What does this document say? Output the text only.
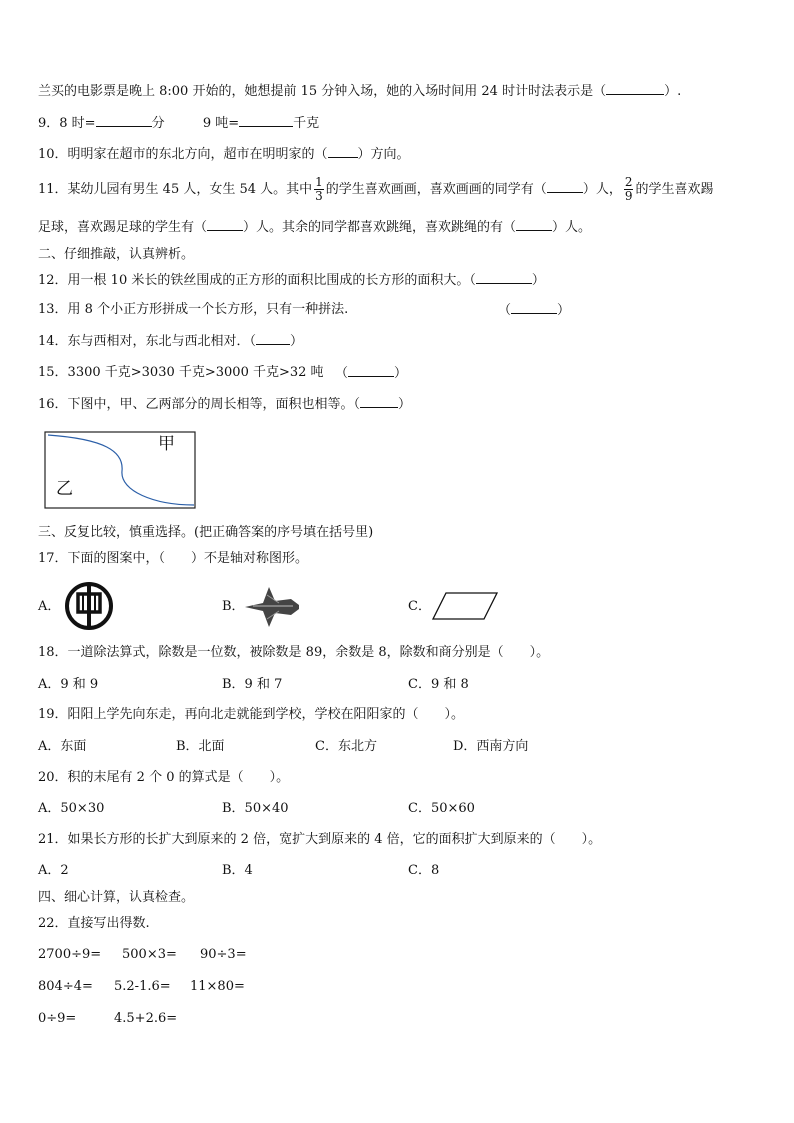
兰买的电影票是晚上 8:00 开始的，她想提前 15 分钟入场，她的入场时间用 24 时计时法表示是（	）.
9．8 时=	分	9 吨=	千克
10．明明家在超市的东北方向，超市在明明家的（ ）方向。
11．某幼儿园有男生 45 人，女生 54 人。其中 $\frac{1}{3}$ 的学生喜欢画画，喜欢画画的同学有（	）人， $\frac{2}{9}$ 的学生喜欢踢
足球，喜欢踢足球的学生有（	）人。其余的同学都喜欢跳绳，喜欢跳绳的有（	）人。
二、仔细推敲，认真辨析。
12．用一根 10 米长的铁丝围成的正方形的面积比围成的长方形的面积大。（	）
13．用 8 个小正方形拼成一个长方形，只有一种拼法.	（	）
14．东与西相对，东北与西北相对．（	）
15．3300 千克>3030 千克>3000 千克>32 吨 （	）
16．下图中，甲、乙两部分的周长相等，面积也相等。（	）
甲
乙
三、反复比较，慎重选择。(把正确答案的序号填在括号里)
17．下面的图案中，（　　）不是轴对称图形。
A．	B．	C．
18．一道除法算式，除数是一位数，被除数是 89，余数是 8，除数和商分别是（　　）。
A．9 和 9	B．9 和 7	C．9 和 8
19．阳阳上学先向东走，再向北走就能到学校，学校在阳阳家的（　　）。
A．东面	B．北面	C．东北方	D．西南方向
20．积的末尾有 2 个 0 的算式是（　　）。
A．50×30	B．50×40	C．50×60
21．如果长方形的长扩大到原来的 2 倍，宽扩大到原来的 4 倍，它的面积扩大到原来的（　　）。
A．2	B．4	C．8
四、细心计算，认真检查。
22．直接写出得数.
2700÷9= 500×3= 90÷3=
804÷4= 5.2-1.6= 11×80=
0÷9=	4.5+2.6=
